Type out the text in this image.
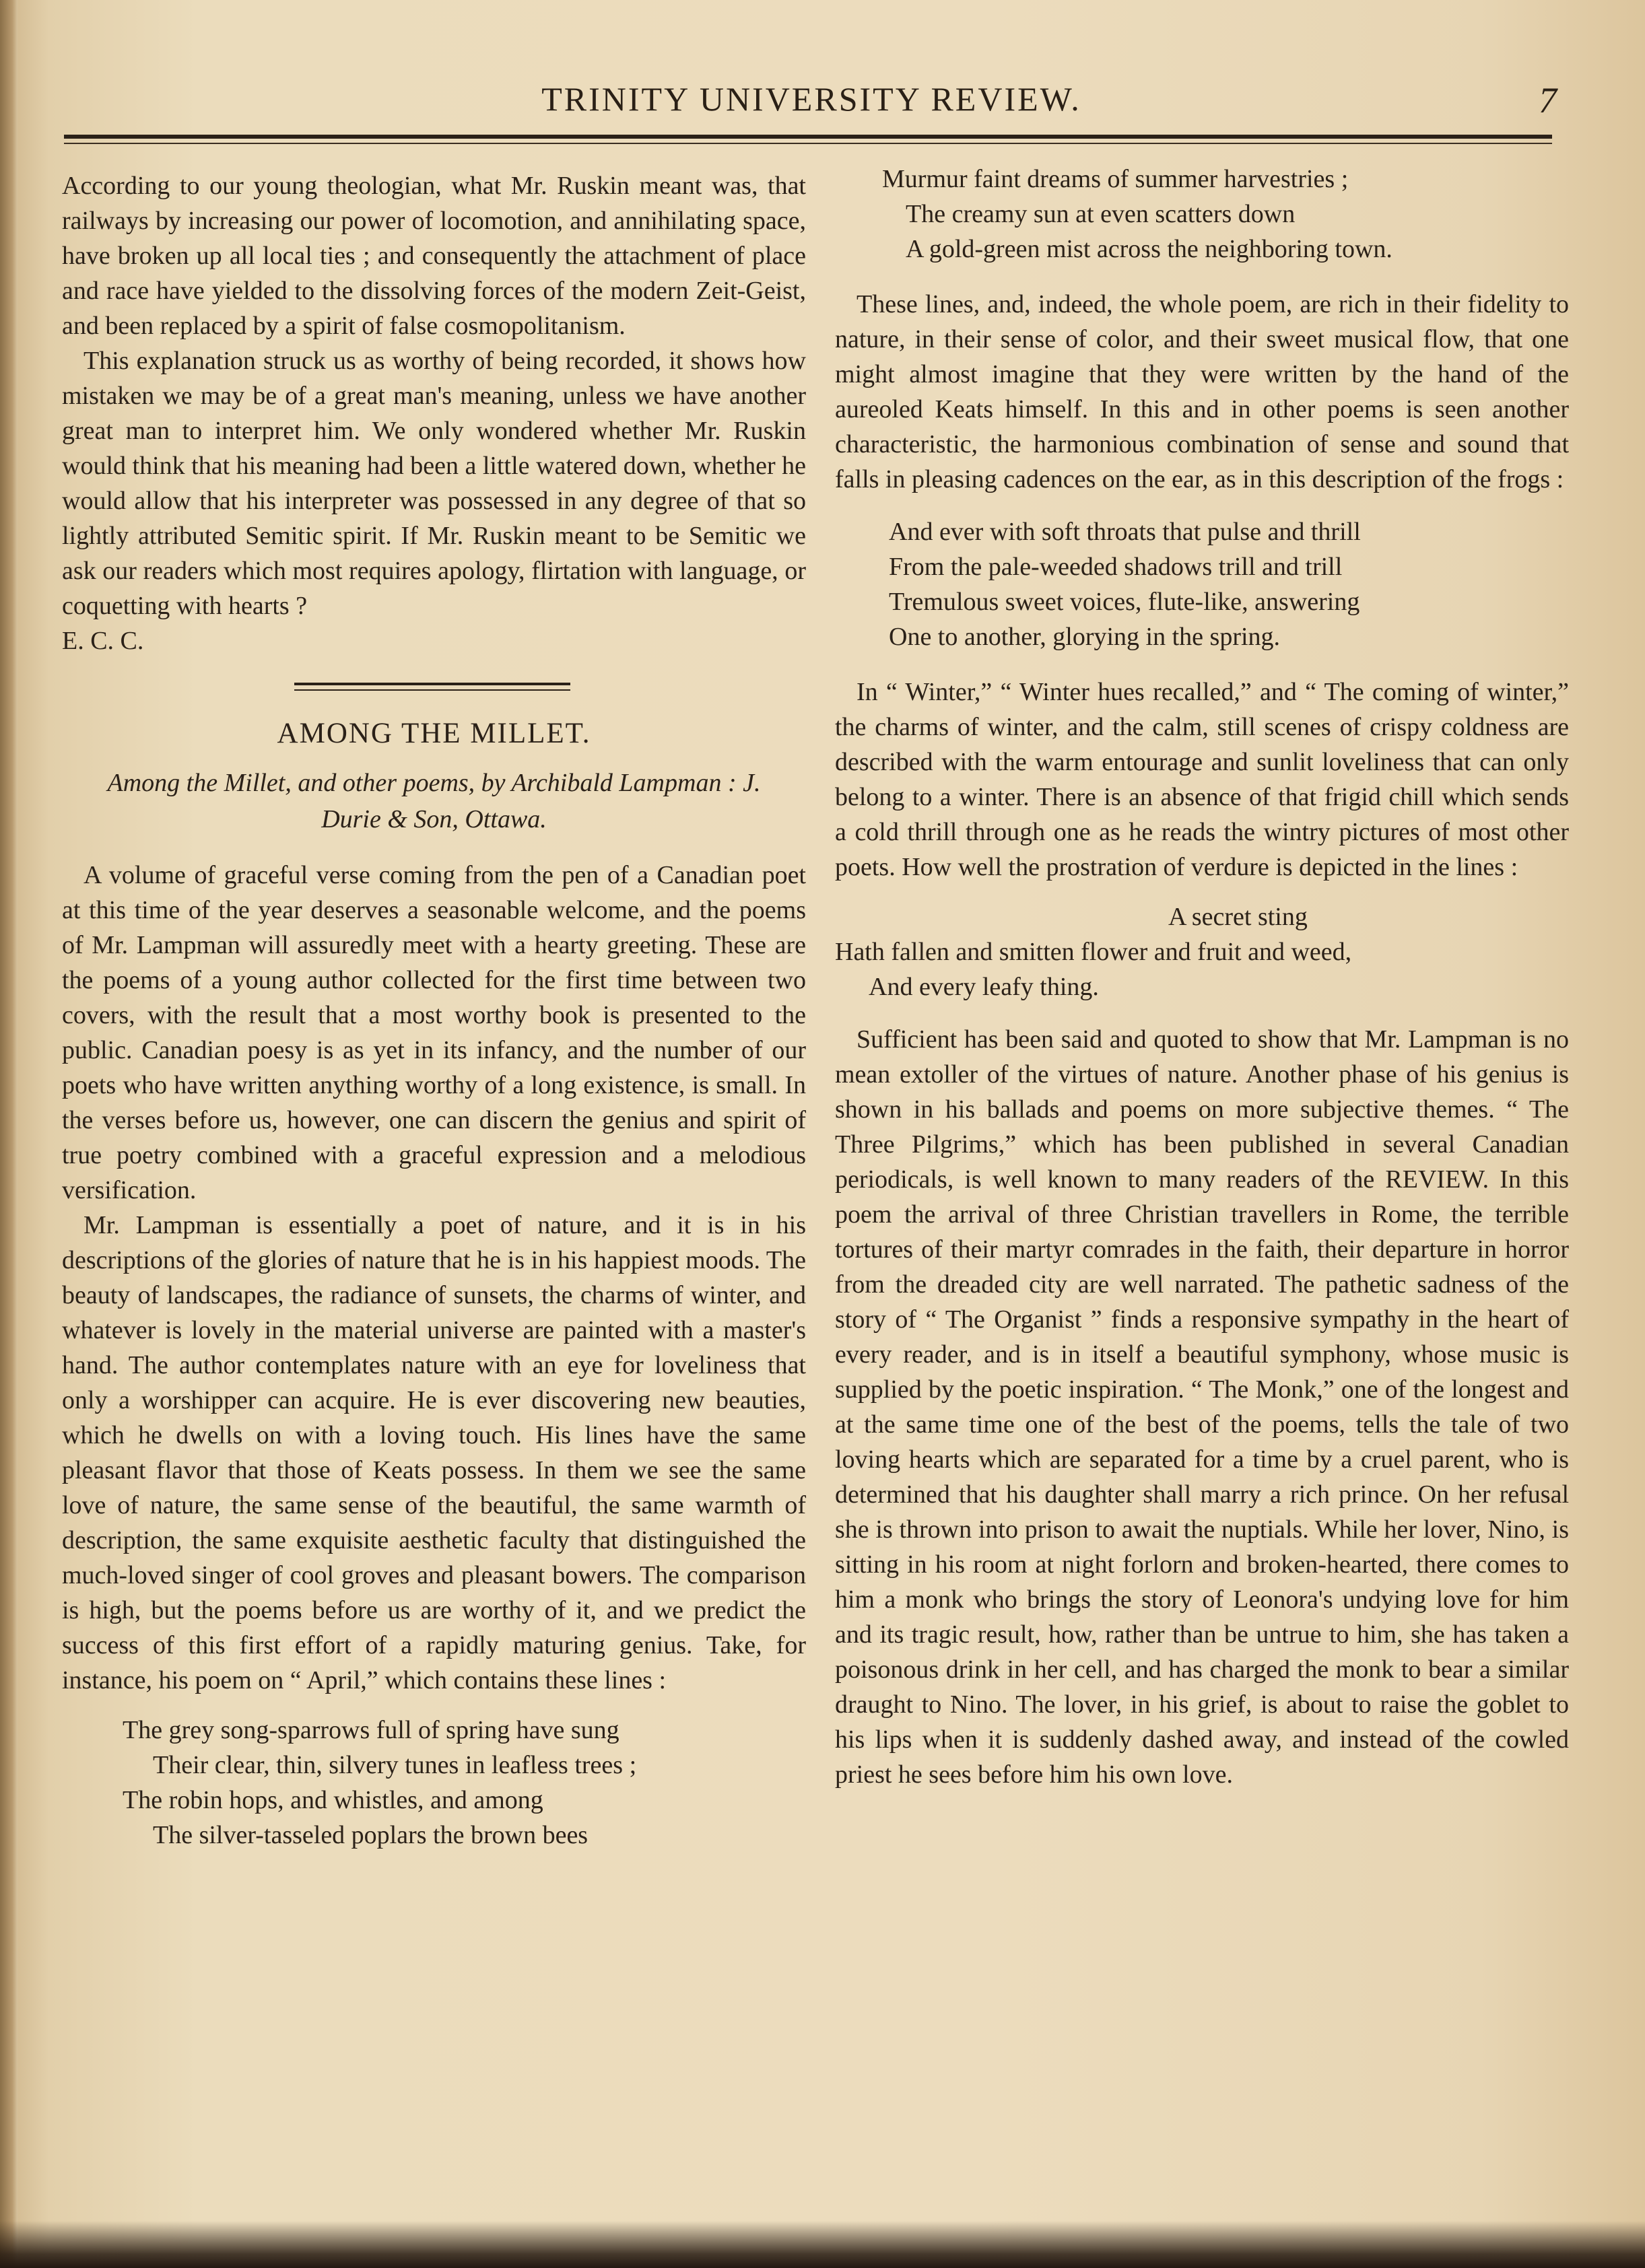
TRINITY UNIVERSITY REVIEW.	7

According to our young theologian, what Mr. Ruskin meant was, that railways by increasing our power of locomotion, and annihilating space, have broken up all local ties ; and consequently the attachment of place and race have yielded to the dissolving forces of the modern Zeit-Geist, and been replaced by a spirit of false cosmopolitanism.

This explanation struck us as worthy of being recorded, it shows how mistaken we may be of a great man's meaning, unless we have another great man to interpret him. We only wondered whether Mr. Ruskin would think that his meaning had been a little watered down, whether he would allow that his interpreter was possessed in any degree of that so lightly attributed Semitic spirit. If Mr. Ruskin meant to be Semitic we ask our readers which most requires apology, flirtation with language, or coquetting with hearts ?

E. C. C.

AMONG THE MILLET.
Among the Millet, and other poems, by Archibald Lampman : J. Durie & Son, Ottawa.

A volume of graceful verse coming from the pen of a Canadian poet at this time of the year deserves a seasonable welcome, and the poems of Mr. Lampman will assuredly meet with a hearty greeting. These are the poems of a young author collected for the first time between two covers, with the result that a most worthy book is presented to the public. Canadian poesy is as yet in its infancy, and the number of our poets who have written anything worthy of a long existence, is small. In the verses before us, however, one can discern the genius and spirit of true poetry combined with a graceful expression and a melodious versification.

Mr. Lampman is essentially a poet of nature, and it is in his descriptions of the glories of nature that he is in his happiest moods. The beauty of landscapes, the radiance of sunsets, the charms of winter, and whatever is lovely in the material universe are painted with a master's hand. The author contemplates nature with an eye for loveliness that only a worshipper can acquire. He is ever discovering new beauties, which he dwells on with a loving touch. His lines have the same pleasant flavor that those of Keats possess. In them we see the same love of nature, the same sense of the beautiful, the same warmth of description, the same exquisite aesthetic faculty that distinguished the much-loved singer of cool groves and pleasant bowers. The comparison is high, but the poems before us are worthy of it, and we predict the success of this first effort of a rapidly maturing genius. Take, for instance, his poem on “ April,” which contains these lines :

The grey song-sparrows full of spring have sung
Their clear, thin, silvery tunes in leafless trees ;
The robin hops, and whistles, and among
The silver-tasseled poplars the brown bees
Murmur faint dreams of summer harvestries ;
The creamy sun at even scatters down
A gold-green mist across the neighboring town.

These lines, and, indeed, the whole poem, are rich in their fidelity to nature, in their sense of color, and their sweet musical flow, that one might almost imagine that they were written by the hand of the aureoled Keats himself. In this and in other poems is seen another characteristic, the harmonious combination of sense and sound that falls in pleasing cadences on the ear, as in this description of the frogs :

And ever with soft throats that pulse and thrill
From the pale-weeded shadows trill and trill
Tremulous sweet voices, flute-like, answering
One to another, glorying in the spring.

In “ Winter,” “ Winter hues recalled,” and “ The coming of winter,” the charms of winter, and the calm, still scenes of crispy coldness are described with the warm entourage and sunlit loveliness that can only belong to a winter. There is an absence of that frigid chill which sends a cold thrill through one as he reads the wintry pictures of most other poets. How well the prostration of verdure is depicted in the lines :

A secret sting
Hath fallen and smitten flower and fruit and weed,
And every leafy thing.

Sufficient has been said and quoted to show that Mr. Lampman is no mean extoller of the virtues of nature. Another phase of his genius is shown in his ballads and poems on more subjective themes. “ The Three Pilgrims,” which has been published in several Canadian periodicals, is well known to many readers of the REVIEW. In this poem the arrival of three Christian travellers in Rome, the terrible tortures of their martyr comrades in the faith, their departure in horror from the dreaded city are well narrated. The pathetic sadness of the story of “ The Organist ” finds a responsive sympathy in the heart of every reader, and is in itself a beautiful symphony, whose music is supplied by the poetic inspiration. “ The Monk,” one of the longest and at the same time one of the best of the poems, tells the tale of two loving hearts which are separated for a time by a cruel parent, who is determined that his daughter shall marry a rich prince. On her refusal she is thrown into prison to await the nuptials. While her lover, Nino, is sitting in his room at night forlorn and broken-hearted, there comes to him a monk who brings the story of Leonora's undying love for him and its tragic result, how, rather than be untrue to him, she has taken a poisonous drink in her cell, and has charged the monk to bear a similar draught to Nino. The lover, in his grief, is about to raise the goblet to his lips when it is suddenly dashed away, and instead of the cowled priest he sees before him his own love.
